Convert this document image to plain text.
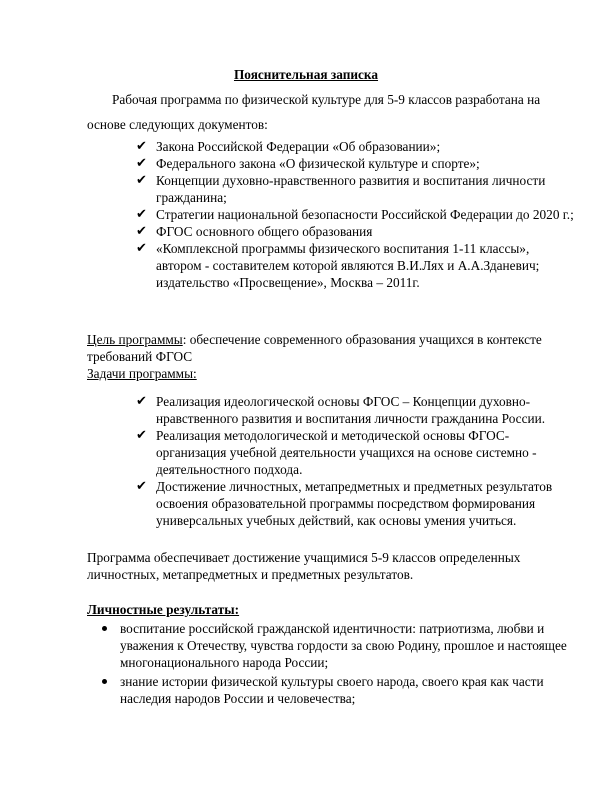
Пояснительная записка
Рабочая программа по физической культуре для 5-9 классов разработана на
основе следующих документов:
✔ Закона Российской Федерации «Об образовании»;
✔ Федерального закона «О физической культуре и спорте»;
✔ Концепции духовно-нравственного развития и воспитания личности гражданина;
✔ Стратегии национальной безопасности Российской Федерации до 2020 г.;
✔ ФГОС основного общего образования
✔ «Комплексной программы физического воспитания 1-11 классы», автором - составителем которой являются В.И.Лях и А.А.Зданевич; издательство «Просвещение», Москва – 2011г.
Цель программы: обеспечение современного образования учащихся в контексте требований ФГОС
Задачи программы:
✔ Реализация идеологической основы ФГОС – Концепции духовно-нравственного развития и воспитания личности гражданина России.
✔ Реализация методологической и методической основы ФГОС- организация учебной деятельности учащихся на основе системно - деятельностного подхода.
✔ Достижение личностных, метапредметных и предметных результатов освоения образовательной программы посредством формирования универсальных учебных действий, как основы умения учиться.
Программа обеспечивает достижение учащимися 5-9 классов определенных личностных, метапредметных и предметных результатов.
Личностные результаты:
воспитание российской гражданской идентичности: патриотизма, любви и уважения к Отечеству, чувства гордости за свою Родину, прошлое и настоящее многонационального народа России;
знание истории физической культуры своего народа, своего края как части наследия народов России и человечества;
